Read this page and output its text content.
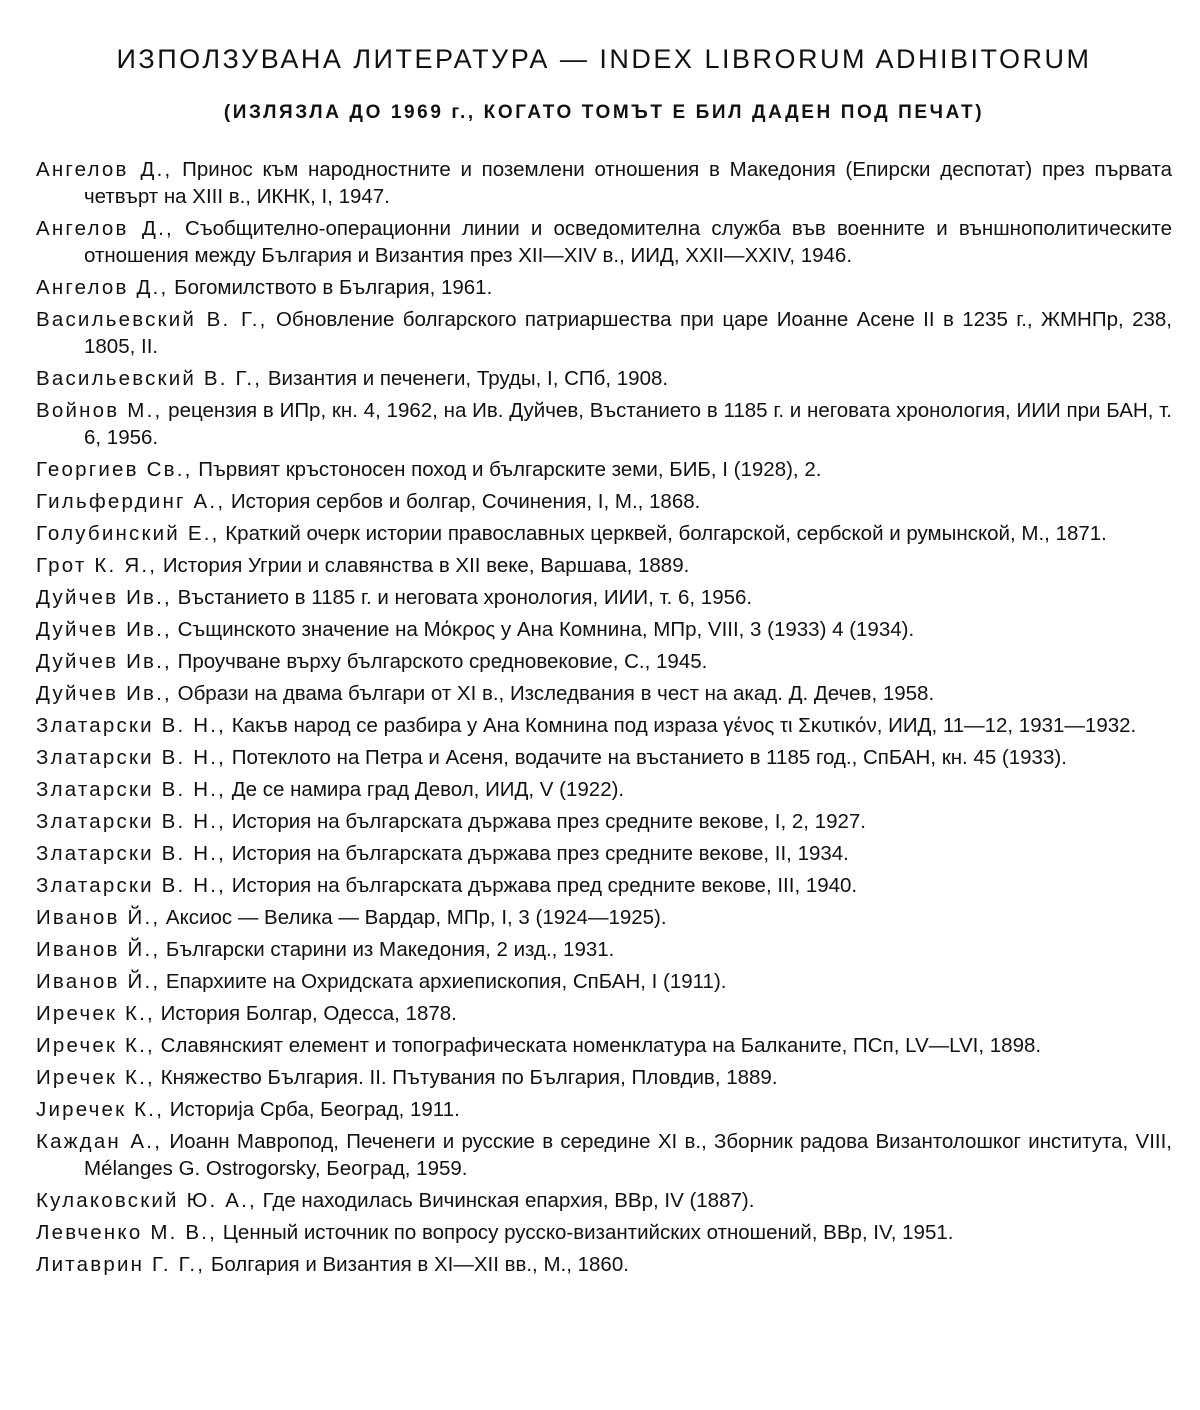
ИЗПОЛЗУВАНА ЛИТЕРАТУРА — INDEX LIBRORUM ADHIBITORUM
(ИЗЛЯЗЛА ДО 1969 г., КОГАТО ТОМЪТ Е БИЛ ДАДЕН ПОД ПЕЧАТ)
Ангелов Д., Принос към народностните и поземлени отношения в Македония (Епирски деспотат) през първата четвърт на XIII в., ИКНК, I, 1947.
Ангелов Д., Съобщително-операционни линии и осведомителна служба във военните и външнополитическите отношения между България и Византия през XII—XIV в., ИИД, XXII—XXIV, 1946.
Ангелов Д., Богомилството в България, 1961.
Васильевский В. Г., Обновление болгарского патриаршества при царе Иоанне Асене II в 1235 г., ЖМНПр, 238, 1805, II.
Васильевский В. Г., Византия и печенеги, Труды, I, СПб, 1908.
Войнов М., рецензия в ИПр, кн. 4, 1962, на Ив. Дуйчев, Въстанието в 1185 г. и неговата хронология, ИИИ при БАН, т. 6, 1956.
Георгиев Св., Първият кръстоносен поход и българските земи, БИБ, I (1928), 2.
Гильфердинг А., История сербов и болгар, Сочинения, I, М., 1868.
Голубинский Е., Краткий очерк истории православных церквей, болгарской, сербской и румынской, М., 1871.
Грот К. Я., История Угрии и славянства в XII веке, Варшава, 1889.
Дуйчев Ив., Въстанието в 1185 г. и неговата хронология, ИИИ, т. 6, 1956.
Дуйчев Ив., Същинското значение на Μόκρος у Ана Комнина, МПр, VIII, 3 (1933) 4 (1934).
Дуйчев Ив., Проучване върху българското средновековие, С., 1945.
Дуйчев Ив., Образи на двама българи от XI в., Изследвания в чест на акад. Д. Дечев, 1958.
Златарски В. Н., Какъв народ се разбира у Ана Комнина под израза γένος τι Σκυτικόν, ИИД, 11—12, 1931—1932.
Златарски В. Н., Потеклото на Петра и Асеня, водачите на въстанието в 1185 год., СпБАН, кн. 45 (1933).
Златарски В. Н., Де се намира град Девол, ИИД, V (1922).
Златарски В. Н., История на българската държава през средните векове, I, 2, 1927.
Златарски В. Н., История на българската държава през средните векове, II, 1934.
Златарски В. Н., История на българската държава пред средните векове, III, 1940.
Иванов Й., Аксиос — Велика — Вардар, МПр, I, 3 (1924—1925).
Иванов Й., Български старини из Македония, 2 изд., 1931.
Иванов Й., Епархиите на Охридската архиепископия, СпБАН, I (1911).
Иречек К., История Болгар, Одесса, 1878.
Иречек К., Славянският елемент и топографическата номенклатура на Балканите, ПСп, LV—LVI, 1898.
Иречек К., Княжество България. II. Пътувания по България, Пловдив, 1889.
Јиречек К., Историја Срба, Београд, 1911.
Каждан А., Иоанн Мавропод, Печенеги и русские в середине XI в., Зборник радова Византолошког института, VIII, Mélanges G. Ostrogorsky, Београд, 1959.
Кулаковский Ю. А., Где находилась Вичинская епархия, ВВр, IV (1887).
Левченко М. В., Ценный источник по вопросу русско-византийских отношений, ВВр, IV, 1951.
Литаврин Г. Г., Болгария и Византия в XI—XII вв., М., 1860.
